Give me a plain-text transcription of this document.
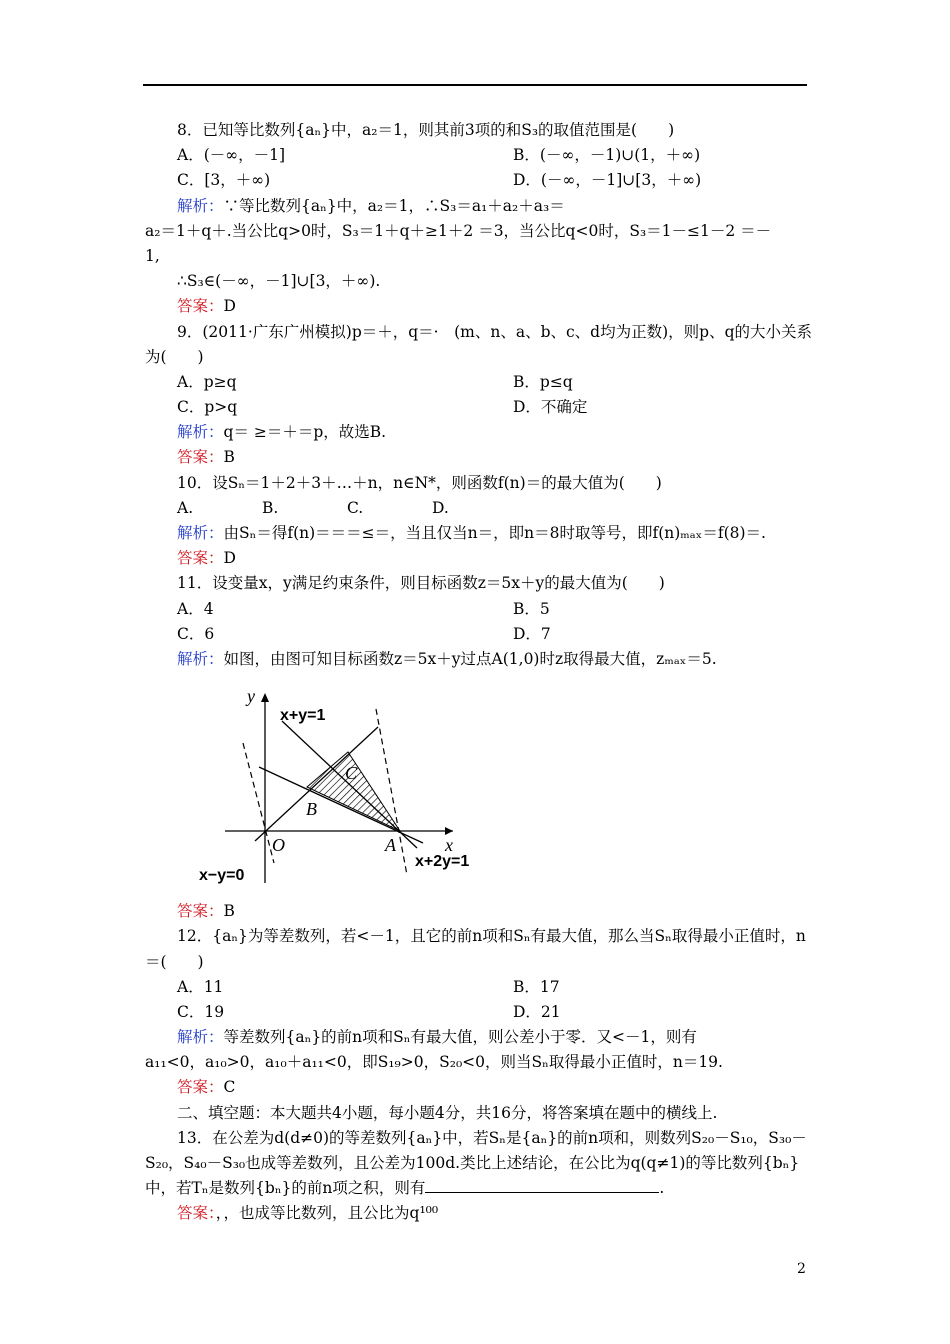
8．已知等比数列{aₙ}中，a₂＝1，则其前3项的和S₃的取值范围是(　　)
A．(－∞，－1]	B．(－∞，－1)∪(1，＋∞)
C．[3，＋∞)	D．(－∞，－1]∪[3，＋∞)
解析：∵等比数列{aₙ}中，a₂＝1，∴S₃＝a₁＋a₂＋a₃＝
a₂＝1＋q＋.当公比q>0时，S₃＝1＋q＋≥1＋2 ＝3，当公比q<0时，S₃＝1－≤1－2 ＝－
1,
∴S₃∈(－∞，－1]∪[3，＋∞).
答案：D
9．(2011·广东广州模拟)p＝＋，q＝·　(m、n、a、b、c、d均为正数)，则p、q的大小关系
为(　　)
A．p≥q	B．p≤q
C．p>q	D．不确定
解析：q＝ ≥＝＋＝p，故选B.
答案：B
10．设Sₙ＝1＋2＋3＋…＋n，n∈N*，则函数f(n)＝的最大值为(　　)
A.	B.	C.	D.
解析：由Sₙ＝得f(n)＝＝＝≤＝，当且仅当n＝，即n＝8时取等号，即f(n)ₘₐₓ＝f(8)＝.
答案：D
11．设变量x，y满足约束条件，则目标函数z＝5x＋y的最大值为(　　)
A．4	B．5
C．6	D．7
解析：如图，由图可知目标函数z＝5x＋y过点A(1,0)时z取得最大值，zₘₐₓ＝5.
答案：B
12．{aₙ}为等差数列，若<－1，且它的前n项和Sₙ有最大值，那么当Sₙ取得最小正值时，n
＝(　　)
A．11	B．17
C．19	D．21
解析：等差数列{aₙ}的前n项和Sₙ有最大值，则公差小于零．又<－1，则有
a₁₁<0，a₁₀>0，a₁₀＋a₁₁<0，即S₁₉>0，S₂₀<0，则当Sₙ取得最小正值时，n＝19.
答案：C
二、填空题：本大题共4小题，每小题4分，共16分，将答案填在题中的横线上.
13．在公差为d(d≠0)的等差数列{aₙ}中，若Sₙ是{aₙ}的前n项和，则数列S₂₀－S₁₀，S₃₀－
S₂₀，S₄₀－S₃₀也成等差数列，且公差为100d.类比上述结论，在公比为q(q≠1)的等比数列{bₙ}
中，若Tₙ是数列{bₙ}的前n项之积，则有	.
答案：，，也成等比数列，且公比为q¹⁰⁰
y
x
O	A
B
C
x+y=1
x−y=0
x+2y=1
2
